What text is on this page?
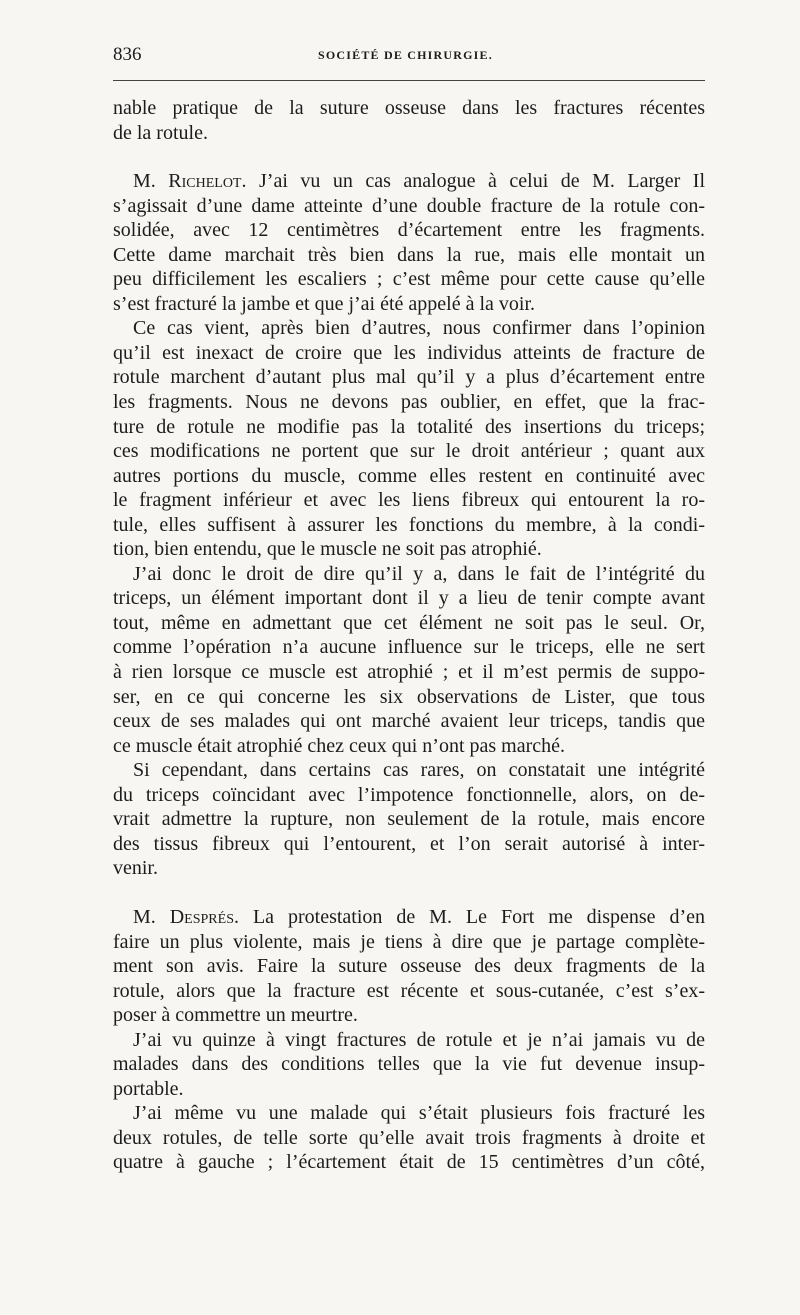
836	SOCIÉTÉ DE CHIRURGIE.
nable pratique de la suture osseuse dans les fractures récentes
de la rotule.
M. Richelot. J’ai vu un cas analogue à celui de M. Larger Il
s’agissait d’une dame atteinte d’une double fracture de la rotule con-
solidée, avec 12 centimètres d’écartement entre les fragments.
Cette dame marchait très bien dans la rue, mais elle montait un
peu difficilement les escaliers ; c’est même pour cette cause qu’elle
s’est fracturé la jambe et que j’ai été appelé à la voir.
Ce cas vient, après bien d’autres, nous confirmer dans l’opinion
qu’il est inexact de croire que les individus atteints de fracture de
rotule marchent d’autant plus mal qu’il y a plus d’écartement entre
les fragments. Nous ne devons pas oublier, en effet, que la frac-
ture de rotule ne modifie pas la totalité des insertions du triceps;
ces modifications ne portent que sur le droit antérieur ; quant aux
autres portions du muscle, comme elles restent en continuité avec
le fragment inférieur et avec les liens fibreux qui entourent la ro-
tule, elles suffisent à assurer les fonctions du membre, à la condi-
tion, bien entendu, que le muscle ne soit pas atrophié.
J’ai donc le droit de dire qu’il y a, dans le fait de l’intégrité du
triceps, un élément important dont il y a lieu de tenir compte avant
tout, même en admettant que cet élément ne soit pas le seul. Or,
comme l’opération n’a aucune influence sur le triceps, elle ne sert
à rien lorsque ce muscle est atrophié ; et il m’est permis de suppo-
ser, en ce qui concerne les six observations de Lister, que tous
ceux de ses malades qui ont marché avaient leur triceps, tandis que
ce muscle était atrophié chez ceux qui n’ont pas marché.
Si cependant, dans certains cas rares, on constatait une intégrité
du triceps coïncidant avec l’impotence fonctionnelle, alors, on de-
vrait admettre la rupture, non seulement de la rotule, mais encore
des tissus fibreux qui l’entourent, et l’on serait autorisé à inter-
venir.
M. Després. La protestation de M. Le Fort me dispense d’en
faire un plus violente, mais je tiens à dire que je partage complète-
ment son avis. Faire la suture osseuse des deux fragments de la
rotule, alors que la fracture est récente et sous-cutanée, c’est s’ex-
poser à commettre un meurtre.
J’ai vu quinze à vingt fractures de rotule et je n’ai jamais vu de
malades dans des conditions telles que la vie fut devenue insup-
portable.
J’ai même vu une malade qui s’était plusieurs fois fracturé les
deux rotules, de telle sorte qu’elle avait trois fragments à droite et
quatre à gauche ; l’écartement était de 15 centimètres d’un côté,
